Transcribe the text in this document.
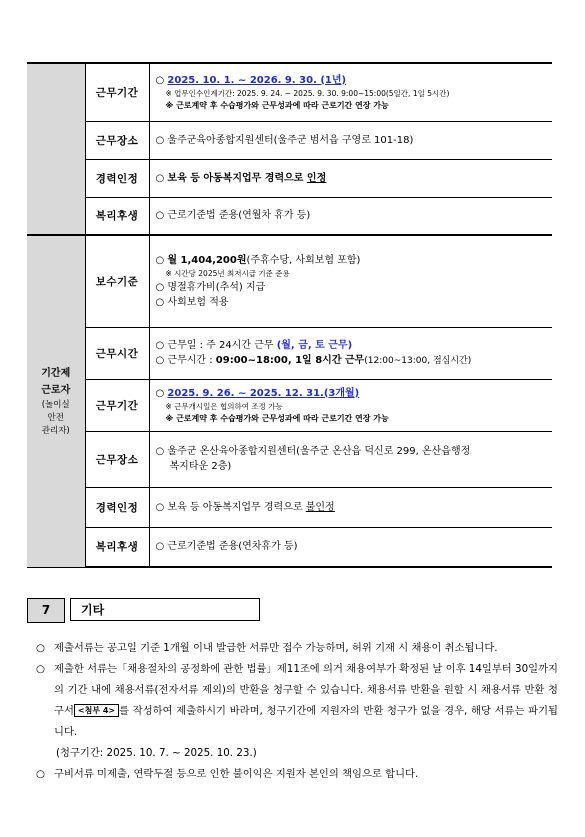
	근무기간	○ 2025. 10. 1. ~ 2026. 9. 30. (1년)
※ 업무인수인계기간: 2025. 9. 24. ~ 2025. 9. 30. 9:00~15:00(5일간, 1일 5시간)
※ 근로계약 후 수습평가와 근무성과에 따라 근로기간 연장 가능

	근무장소	○ 울주군육아종합지원센터(울주군 범서읍 구영로 101-18)

	경력인정	○ 보육 등 아동복지업무 경력으로 인정

	복리후생	○ 근로기준법 준용(연월차 휴가 등)

기간제
근로자
(놀이실
안전
관리자)	보수기준	○ 월 1,404,200원(주휴수당, 사회보험 포함)
※ 시간당 2025년 최저시급 기준 준용
○ 명절휴가비(추석) 지급
○ 사회보험 적용

	근무시간	○ 근무일 : 주 24시간 근무 (월, 금, 토 근무)
○ 근무시간 : 09:00~18:00, 1일 8시간 근무(12:00~13:00, 점심시간)

	근무기간	○ 2025. 9. 26. ~ 2025. 12. 31.(3개월)
※ 근무개시일은 협의하여 조정 가능
※ 근로계약 후 수습평가와 근무성과에 따라 근로기간 연장 가능

	근무장소	○ 울주군 온산육아종합지원센터(울주군 온산읍 덕신로 299, 온산읍행정
복지타운 2층)

	경력인정	○ 보육 등 아동복지업무 경력으로 불인정

	복리후생	○ 근로기준법 준용(연차휴가 등)
7	기타
○ 제출서류는 공고일 기준 1개월 이내 발급한 서류만 접수 가능하며, 허위 기재 시 채용이 취소됩니다.
○ 제출한 서류는「채용절차의 공정화에 관한 법률」제11조에 의거 채용여부가 확정된 날 이후 14일부터 30일까지의 기간 내에 채용서류(전자서류 제외)의 반환을 청구할 수 있습니다. 채용서류 반환을 원할 시 채용서류 반환 청구서 <첨부 4> 를 작성하여 제출하시기 바라며, 청구기간에 지원자의 반환 청구가 없을 경우, 해당 서류는 파기됩니다.
(청구기간: 2025. 10. 7. ~ 2025. 10. 23.)
○ 구비서류 미제출, 연락두절 등으로 인한 불이익은 지원자 본인의 책임으로 합니다.
